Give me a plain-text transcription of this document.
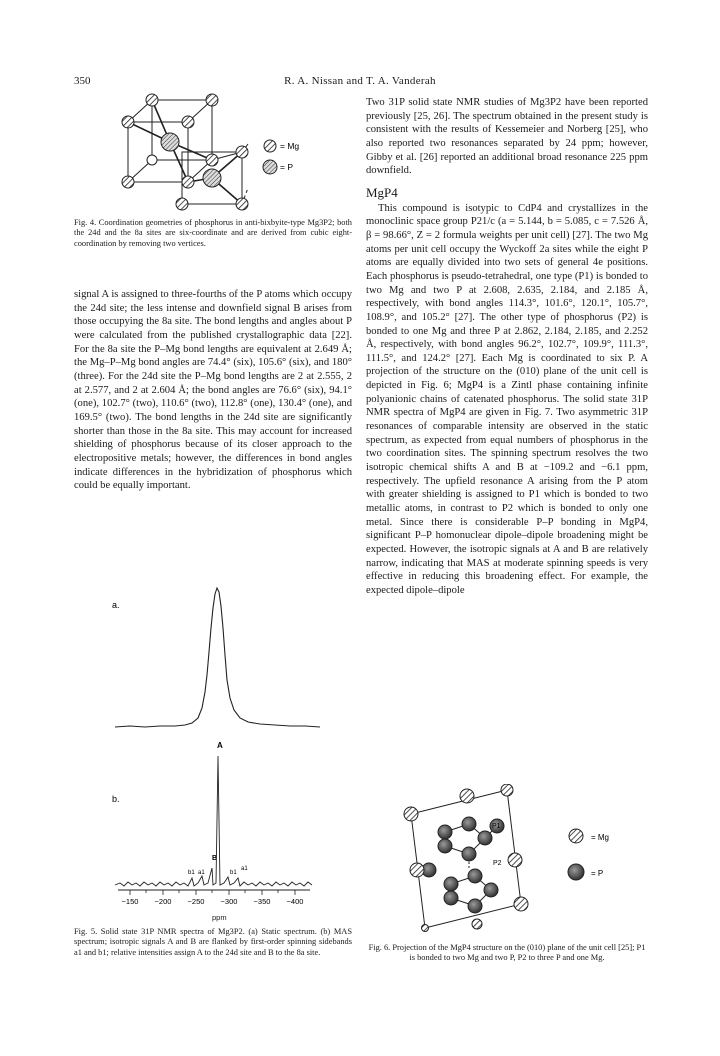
350	R. A. Nissan and T. A. Vanderah
= Mg
= P
Fig. 4. Coordination geometries of phosphorus in anti-bixbyite-type Mg3P2; both the 24d and the 8a sites are six-coordinate and are derived from cubic eight-coordination by removing two vertices.

signal A is assigned to three-fourths of the P atoms which occupy the 24d site; the less intense and downfield signal B arises from those occupying the 8a site. The bond lengths and angles about P were calculated from the published crystallographic data [22]. For the 8a site the P–Mg bond lengths are equivalent at 2.649 Å; the Mg–P–Mg bond angles are 74.4° (six), 105.6° (six), and 180° (three). For the 24d site the P–Mg bond lengths are 2 at 2.555, 2 at 2.577, and 2 at 2.604 Å; the bond angles are 76.6° (six), 94.1° (one), 102.7° (two), 110.6° (two), 112.8° (one), 130.4° (one), and 169.5° (two). The bond lengths in the 24d site are significantly shorter than those in the 8a site. This may account for increased shielding of phosphorus because of its closer approach to the electropositive metals; however, the differences in bond angles indicate differences in the hybridization of phosphorus which could be equally important.

a.
b.
A
B
b1 a1	b1
a1
−150 −200 −250 −300 −350 −400
ppm
Fig. 5. Solid state 31P NMR spectra of Mg3P2. (a) Static spectrum. (b) MAS spectrum; isotropic signals A and B are flanked by first-order spinning sidebands a1 and b1; relative intensities assign A to the 24d site and B to the 8a site.

Two 31P solid state NMR studies of Mg3P2 have been reported previously [25, 26]. The spectrum obtained in the present study is consistent with the results of Kessemeier and Norberg [25], who also reported two resonances separated by 24 ppm; however, Gibby et al. [26] reported an additional broad resonance 225 ppm downfield.

MgP4

This compound is isotypic to CdP4 and crystallizes in the monoclinic space group P21/c (a = 5.144, b = 5.085, c = 7.526 Å, β = 98.66°, Z = 2 formula weights per unit cell) [27]. The two Mg atoms per unit cell occupy the Wyckoff 2a sites while the eight P atoms are equally divided into two sets of general 4e positions. Each phosphorus is pseudo-tetrahedral, one type (P1) is bonded to two Mg and two P at 2.608, 2.635, 2.184, and 2.185 Å, respectively, with bond angles 114.3°, 101.6°, 120.1°, 105.7°, 108.9°, and 105.2° [27]. The other type of phosphorus (P2) is bonded to one Mg and three P at 2.862, 2.184, 2.185, and 2.252 Å, respectively, with bond angles 96.2°, 102.7°, 109.9°, 111.3°, 111.5°, and 124.2° [27]. Each Mg is coordinated to six P. A projection of the structure on the (010) plane of the unit cell is depicted in Fig. 6; MgP4 is a Zintl phase containing infinite polyanionic chains of catenated phosphorus. The solid state 31P NMR spectra of MgP4 are given in Fig. 7. Two asymmetric 31P resonances of comparable intensity are observed in the static spectrum, as expected from equal numbers of phosphorus in the two coordination sites. The spinning spectrum resolves the two isotropic chemical shifts A and B at −109.2 and −6.1 ppm, respectively. The upfield resonance A arising from the P atom with greater shielding is assigned to P1 which is bonded to two metallic atoms, in contrast to P2 which is bonded to only one metal. Since there is considerable P–P bonding in MgP4, significant P–P homonuclear dipole–dipole broadening might be expected. However, the isotropic signals at A and B are relatively narrow, indicating that MAS at moderate spinning speeds is very effective in reducing this broadening effect. For example, the expected dipole–dipole

P1
P2
= Mg
= P
Fig. 6. Projection of the MgP4 structure on the (010) plane of the unit cell [25]; P1 is bonded to two Mg and two P, P2 to three P and one Mg.
